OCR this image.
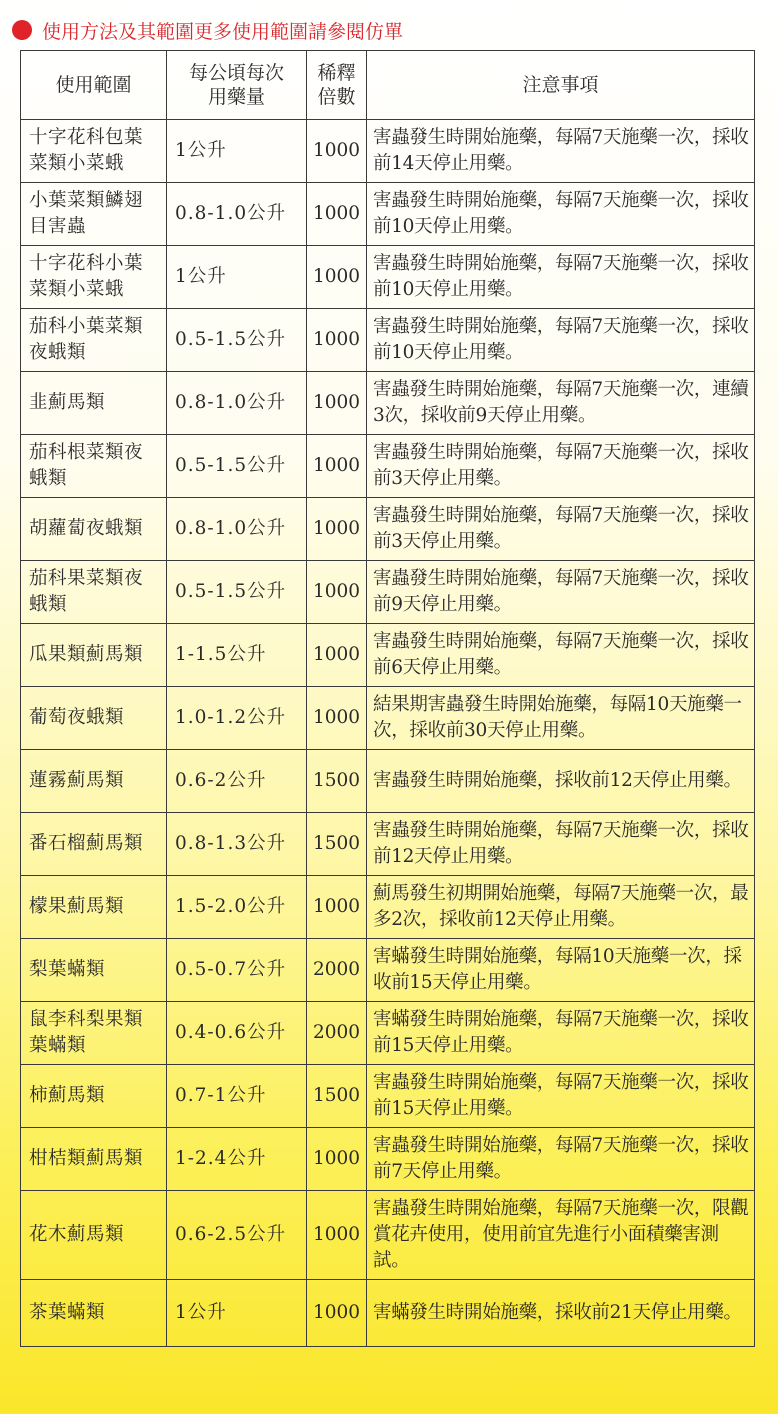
使用方法及其範圍更多使用範圍請參閱仿單
使用範圍	每公頃每次用藥量	稀釋倍數	注意事項
十字花科包葉菜類小菜蛾	1公升	1000	害蟲發生時開始施藥，每隔7天施藥一次，採收前14天停止用藥。
小葉菜類鱗翅目害蟲	0.8-1.0公升	1000	害蟲發生時開始施藥，每隔7天施藥一次，採收前10天停止用藥。
十字花科小葉菜類小菜蛾	1公升	1000	害蟲發生時開始施藥，每隔7天施藥一次，採收前10天停止用藥。
茄科小葉菜類夜蛾類	0.5-1.5公升	1000	害蟲發生時開始施藥，每隔7天施藥一次，採收前10天停止用藥。
韭薊馬類	0.8-1.0公升	1000	害蟲發生時開始施藥，每隔7天施藥一次，連續3次，採收前9天停止用藥。
茄科根菜類夜蛾類	0.5-1.5公升	1000	害蟲發生時開始施藥，每隔7天施藥一次，採收前3天停止用藥。
胡蘿蔔夜蛾類	0.8-1.0公升	1000	害蟲發生時開始施藥，每隔7天施藥一次，採收前3天停止用藥。
茄科果菜類夜蛾類	0.5-1.5公升	1000	害蟲發生時開始施藥，每隔7天施藥一次，採收前9天停止用藥。
瓜果類薊馬類	1-1.5公升	1000	害蟲發生時開始施藥，每隔7天施藥一次，採收前6天停止用藥。
葡萄夜蛾類	1.0-1.2公升	1000	結果期害蟲發生時開始施藥，每隔10天施藥一次，採收前30天停止用藥。
蓮霧薊馬類	0.6-2公升	1500	害蟲發生時開始施藥，採收前12天停止用藥。
番石榴薊馬類	0.8-1.3公升	1500	害蟲發生時開始施藥，每隔7天施藥一次，採收前12天停止用藥。
檬果薊馬類	1.5-2.0公升	1000	薊馬發生初期開始施藥，每隔7天施藥一次，最多2次，採收前12天停止用藥。
梨葉蟎類	0.5-0.7公升	2000	害蟎發生時開始施藥，每隔10天施藥一次，採收前15天停止用藥。
鼠李科梨果類葉蟎類	0.4-0.6公升	2000	害蟎發生時開始施藥，每隔7天施藥一次，採收前15天停止用藥。
柿薊馬類	0.7-1公升	1500	害蟲發生時開始施藥，每隔7天施藥一次，採收前15天停止用藥。
柑桔類薊馬類	1-2.4公升	1000	害蟲發生時開始施藥，每隔7天施藥一次，採收前7天停止用藥。
花木薊馬類	0.6-2.5公升	1000	害蟲發生時開始施藥，每隔7天施藥一次，限觀賞花卉使用，使用前宜先進行小面積藥害測試。
茶葉蟎類	1公升	1000	害蟎發生時開始施藥，採收前21天停止用藥。
